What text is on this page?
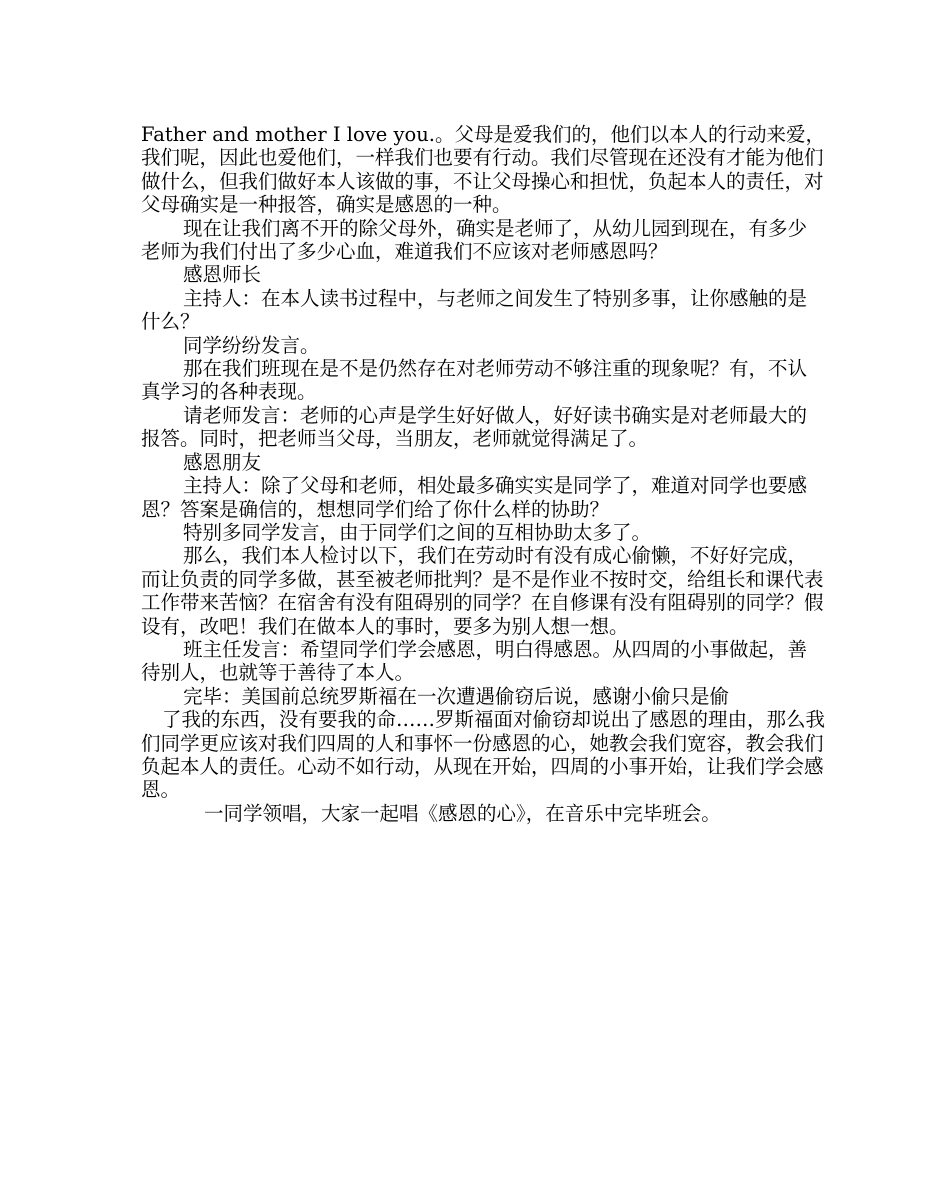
Father and mother I love you.。父母是爱我们的，他们以本人的行动来爱，我们呢，因此也爱他们，一样我们也要有行动。我们尽管现在还没有才能为他们做什么，但我们做好本人该做的事，不让父母操心和担忧，负起本人的责任，对父母确实是一种报答，确实是感恩的一种。

现在让我们离不开的除父母外，确实是老师了，从幼儿园到现在，有多少老师为我们付出了多少心血，难道我们不应该对老师感恩吗？

感恩师长

主持人：在本人读书过程中，与老师之间发生了特别多事，让你感触的是什么？

同学纷纷发言。

那在我们班现在是不是仍然存在对老师劳动不够注重的现象呢？有，不认真学习的各种表现。

请老师发言：老师的心声是学生好好做人，好好读书确实是对老师最大的报答。同时，把老师当父母，当朋友，老师就觉得满足了。

感恩朋友

主持人：除了父母和老师，相处最多确实实是同学了，难道对同学也要感恩？答案是确信的，想想同学们给了你什么样的协助？

特别多同学发言，由于同学们之间的互相协助太多了。

那么，我们本人检讨以下，我们在劳动时有没有成心偷懒，不好好完成，而让负责的同学多做，甚至被老师批判？是不是作业不按时交，给组长和课代表工作带来苦恼？在宿舍有没有阻碍别的同学？在自修课有没有阻碍别的同学？假设有，改吧！我们在做本人的事时，要多为别人想一想。

班主任发言：希望同学们学会感恩，明白得感恩。从四周的小事做起，善待别人，也就等于善待了本人。

完毕：美国前总统罗斯福在一次遭遇偷窃后说，感谢小偷只是偷

了我的东西，没有要我的命……罗斯福面对偷窃却说出了感恩的理由，那么我们同学更应该对我们四周的人和事怀一份感恩的心，她教会我们宽容，教会我们负起本人的责任。心动不如行动，从现在开始，四周的小事开始，让我们学会感恩。

一同学领唱，大家一起唱《感恩的心》，在音乐中完毕班会。
